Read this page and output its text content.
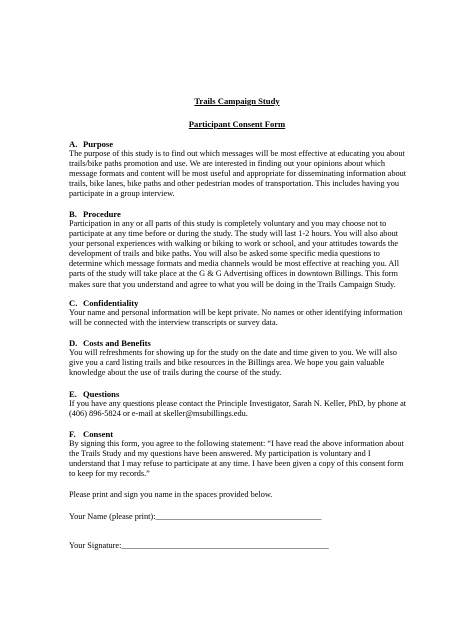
Trails Campaign Study
Participant Consent Form
A. Purpose
The purpose of this study is to find out which messages will be most effective at educating you about
trails/bike paths promotion and use. We are interested in finding out your opinions about which
message formats and content will be most useful and appropriate for disseminating information about
trails, bike lanes, bike paths and other pedestrian modes of transportation. This includes having you
participate in a group interview.
B. Procedure
Participation in any or all parts of this study is completely voluntary and you may choose not to
participate at any time before or during the study. The study will last 1-2 hours. You will also about
your personal experiences with walking or biking to work or school, and your attitudes towards the
development of trails and bike paths. You will also be asked some specific media questions to
determine which message formats and media channels would be most effective at reaching you. All
parts of the study will take place at the G & G Advertising offices in downtown Billings. This form
makes sure that you understand and agree to what you will be doing in the Trails Campaign Study.
C. Confidentiality
Your name and personal information will be kept private. No names or other identifying information
will be connected with the interview transcripts or survey data.
D. Costs and Benefits
You will refreshments for showing up for the study on the date and time given to you. We will also
give you a card listing trails and bike resources in the Billings area. We hope you gain valuable
knowledge about the use of trails during the course of the study.
E. Questions
If you have any questions please contact the Principle Investigator, Sarah N. Keller, PhD, by phone at
(406) 896-5824 or e-mail at skeller@msubillings.edu.
F. Consent
By signing this form, you agree to the following statement: “I have read the above information about
the Trails Study and my questions have been answered. My participation is voluntary and I
understand that I may refuse to participate at any time. I have been given a copy of this consent form
to keep for my records.”
Please print and sign you name in the spaces provided below.
Your Name (please print):________________________________________
Your Signature:__________________________________________________
